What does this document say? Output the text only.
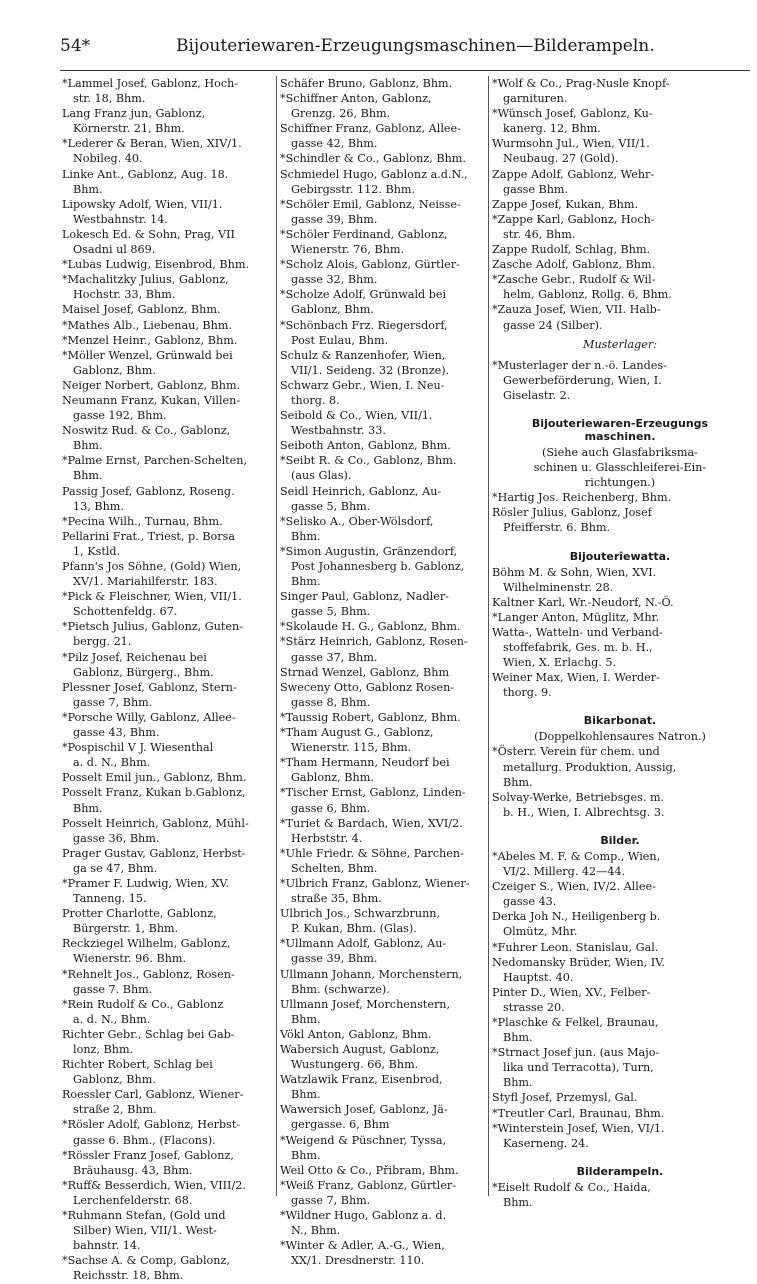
54*	Bijouteriewaren-Erzeugungsmaschinen—Bilderampeln.
*Lammel Josef, Gablonz, Hoch-
str. 18, Bhm.
Lang Franz jun, Gablonz,
Körnerstr. 21, Bhm.
*Lederer & Beran, Wien, XIV/1.
Nobileg. 40.
Linke Ant., Gablonz, Aug. 18.
Bhm.
Lipowsky Adolf, Wien, VII/1.
Westbahnstr. 14.
Lokesch Ed. & Sohn, Prag, VII
Osadni ul 869.
*Lubas Ludwig, Eisenbrod, Bhm.
*Machalitzky Julius, Gablonz,
Hochstr. 33, Bhm.
Maisel Josef, Gablonz, Bhm.
*Mathes Alb., Liebenau, Bhm.
*Menzel Heinr., Gablonz, Bhm.
*Möller Wenzel, Grünwald bei
Gablonz, Bhm.
Neiger Norbert, Gablonz, Bhm.
Neumann Franz, Kukan, Villen-
gasse 192, Bhm.
Noswitz Rud. & Co., Gablonz,
Bhm.
*Palme Ernst, Parchen-Schelten,
Bhm.
Passig Josef, Gablonz, Roseng.
13, Bhm.
*Pecina Wilh., Turnau, Bhm.
Pellarini Frat., Triest, p. Borsa
1, Kstld.
Pfann's Jos Söhne, (Gold) Wien,
XV/1. Mariahilferstr. 183.
*Pick & Fleischner, Wien, VII/1.
Schottenfeldg. 67.
*Pietsch Julius, Gablonz, Guten-
bergg. 21.
*Pilz Josef, Reichenau bei
Gablonz, Bürgerg., Bhm.
Plessner Josef, Gablonz, Stern-
gasse 7, Bhm.
*Porsche Willy, Gablonz, Allee-
gasse 43, Bhm.
*Pospischil V J. Wiesenthal
a. d. N., Bhm.
Posselt Emil jun., Gablonz, Bhm.
Posselt Franz, Kukan b.Gablonz,
Bhm.
Posselt Heinrich, Gablonz, Mühl-
gasse 36, Bhm.
Prager Gustav, Gablonz, Herbst-
ga se 47, Bhm.
*Pramer F. Ludwig, Wien, XV.
Tanneng. 15.
Protter Charlotte, Gablonz,
Bürgerstr. 1, Bhm.
Reckziegel Wilhelm, Gablonz,
Wienerstr. 96. Bhm.
*Rehnelt Jos., Gablonz, Rosen-
gasse 7. Bhm.
*Rein Rudolf & Co., Gablonz
a. d. N., Bhm.
Richter Gebr., Schlag bei Gab-
lonz, Bhm.
Richter Robert, Schlag bei
Gablonz, Bhm.
Roessler Carl, Gablonz, Wiener-
straße 2, Bhm.
*Rösler Adolf, Gablonz, Herbst-
gasse 6. Bhm., (Flacons).
*Rössler Franz Josef, Gablonz,
Bräuhausg. 43, Bhm.
*Ruff& Besserdich, Wien, VIII/2.
Lerchenfelderstr. 68.
*Ruhmann Stefan, (Gold und
Silber) Wien, VII/1. West-
bahnstr. 14.
*Sachse A. & Comp, Gablonz,
Reichsstr. 18, Bhm.
Schäfer Bruno, Gablonz, Bhm.
*Schiffner Anton, Gablonz,
Grenzg. 26, Bhm.
Schiffner Franz, Gablonz, Allee-
gasse 42, Bhm.
*Schindler & Co., Gablonz, Bhm.
Schmiedel Hugo, Gablonz a.d.N.,
Gebirgsstr. 112. Bhm.
*Schöler Emil, Gablonz, Neisse-
gasse 39, Bhm.
*Schöler Ferdinand, Gablonz,
Wienerstr. 76, Bhm.
*Scholz Alois, Gablonz, Gürtler-
gasse 32, Bhm.
*Scholze Adolf, Grünwald bei
Gablonz, Bhm.
*Schönbach Frz. Riegersdorf,
Post Eulau, Bhm.
Schulz & Ranzenhofer, Wien,
VII/1. Seideng. 32 (Bronze).
Schwarz Gebr., Wien, I. Neu-
thorg. 8.
Seibold & Co., Wien, VII/1.
Westbahnstr. 33.
Seiboth Anton, Gablonz, Bhm.
*Seibt R. & Co., Gablonz, Bhm.
(aus Glas).
Seidl Heinrich, Gablonz, Au-
gasse 5, Bhm.
*Selisko A., Ober-Wölsdorf,
Bhm.
*Simon Augustin, Gränzendorf,
Post Johannesberg b. Gablonz,
Bhm.
Singer Paul, Gablonz, Nadler-
gasse 5, Bhm.
*Skolaude H. G., Gablonz, Bhm.
*Stärz Heinrich, Gablonz, Rosen-
gasse 37, Bhm.
Strnad Wenzel, Gablonz, Bhm
Sweceny Otto, Gablonz Rosen-
gasse 8, Bhm.
*Taussig Robert, Gablonz, Bhm.
*Tham August G., Gablonz,
Wienerstr. 115, Bhm.
*Tham Hermann, Neudorf bei
Gablonz, Bhm.
*Tischer Ernst, Gablonz, Linden-
gasse 6, Bhm.
*Turiet & Bardach, Wien, XVI/2.
Herbststr. 4.
*Uhle Friedr. & Söhne, Parchen-
Schelten, Bhm.
*Ulbrich Franz, Gablonz, Wiener-
straße 35, Bhm.
Ulbrich Jos., Schwarzbrunn,
P. Kukan, Bhm. (Glas).
*Ullmann Adolf, Gablonz, Au-
gasse 39, Bhm.
Ullmann Johann, Morchenstern,
Bhm. (schwarze).
Ullmann Josef, Morchenstern,
Bhm.
Vökl Anton, Gablonz, Bhm.
Wabersich August, Gablonz,
Wustungerg. 66, Bhm.
Watzlawik Franz, Eisenbrod,
Bhm.
Wawersich Josef, Gablonz, Jä-
gergasse. 6, Bhm
*Weigend & Püschner, Tyssa,
Bhm.
Weil Otto & Co., Přibram, Bhm.
*Weiß Franz, Gablonz, Gürtler-
gasse 7, Bhm.
*Wildner Hugo, Gablonz a. d.
N., Bhm.
*Winter & Adler, A.-G., Wien,
XX/1. Dresdnerstr. 110.
*Wolf & Co., Prag-Nusle Knopf-
garnituren.
*Wünsch Josef, Gablonz, Ku-
kanerg. 12, Bhm.
Wurmsohn Jul., Wien, VII/1.
Neubaug. 27 (Gold).
Zappe Adolf, Gablonz, Wehr-
gasse Bhm.
Zappe Josef, Kukan, Bhm.
*Zappe Karl, Gablonz, Hoch-
str. 46, Bhm.
Zappe Rudolf, Schlag, Bhm.
Zasche Adolf, Gablonz, Bhm.
*Zasche Gebr., Rudolf & Wil-
helm, Gablonz, Rollg. 6, Bhm.
*Zauza Josef, Wien, VII. Halb-
gasse 24 (Silber).
Musterlager:
*Musterlager der n.-ö. Landes-
Gewerbeförderung, Wien, I.
Giselastr. 2.
Bijouteriewaren-Erzeugungs
maschinen.
(Siehe auch Glasfabriksma-
schinen u. Glasschleiferei-Ein-
richtungen.)
*Hartig Jos. Reichenberg, Bhm.
Rösler Julius, Gablonz, Josef
Pfeifferstr. 6. Bhm.
Bijouterîewatta.
Böhm M. & Sohn, Wien, XVI.
Wilhelminenstr. 28.
Kaltner Karl, Wr.-Neudorf, N.-Ö.
*Langer Anton, Müglitz, Mhr.
Watta-, Watteln- und Verband-
stoffefabrik, Ges. m. b. H.,
Wien, X. Erlachg. 5.
Weiner Max, Wien, I. Werder-
thorg. 9.
Bikarbonat.
(Doppelkohlensaures Natron.)
*Österr. Verein für chem. und
metallurg. Produktion, Aussig,
Bhm.
Solvay-Werke, Betriebsges. m.
b. H., Wien, I. Albrechtsg. 3.
Bilder.
*Abeles M. F. & Comp., Wien,
VI/2. Millerg. 42—44.
Czeiger S., Wien, IV/2. Allee-
gasse 43.
Derka Joh N., Heiligenberg b.
Olmütz, Mhr.
*Fuhrer Leon. Stanislau, Gal.
Nedomansky Brüder, Wien, IV.
Hauptst. 40.
Pinter D., Wien, XV., Felber-
strasse 20.
*Plaschke & Felkel, Braunau,
Bhm.
*Strnact Josef jun. (aus Majo-
lika und Terracotta), Turn,
Bhm.
Styfl Josef, Przemysl, Gal.
*Treutler Carl, Braunau, Bhm.
*Winterstein Josef, Wien, VI/1.
Kaserneng. 24.
Bilderampeln.
*Eiselt Rudolf & Co., Haida,
Bhm.
